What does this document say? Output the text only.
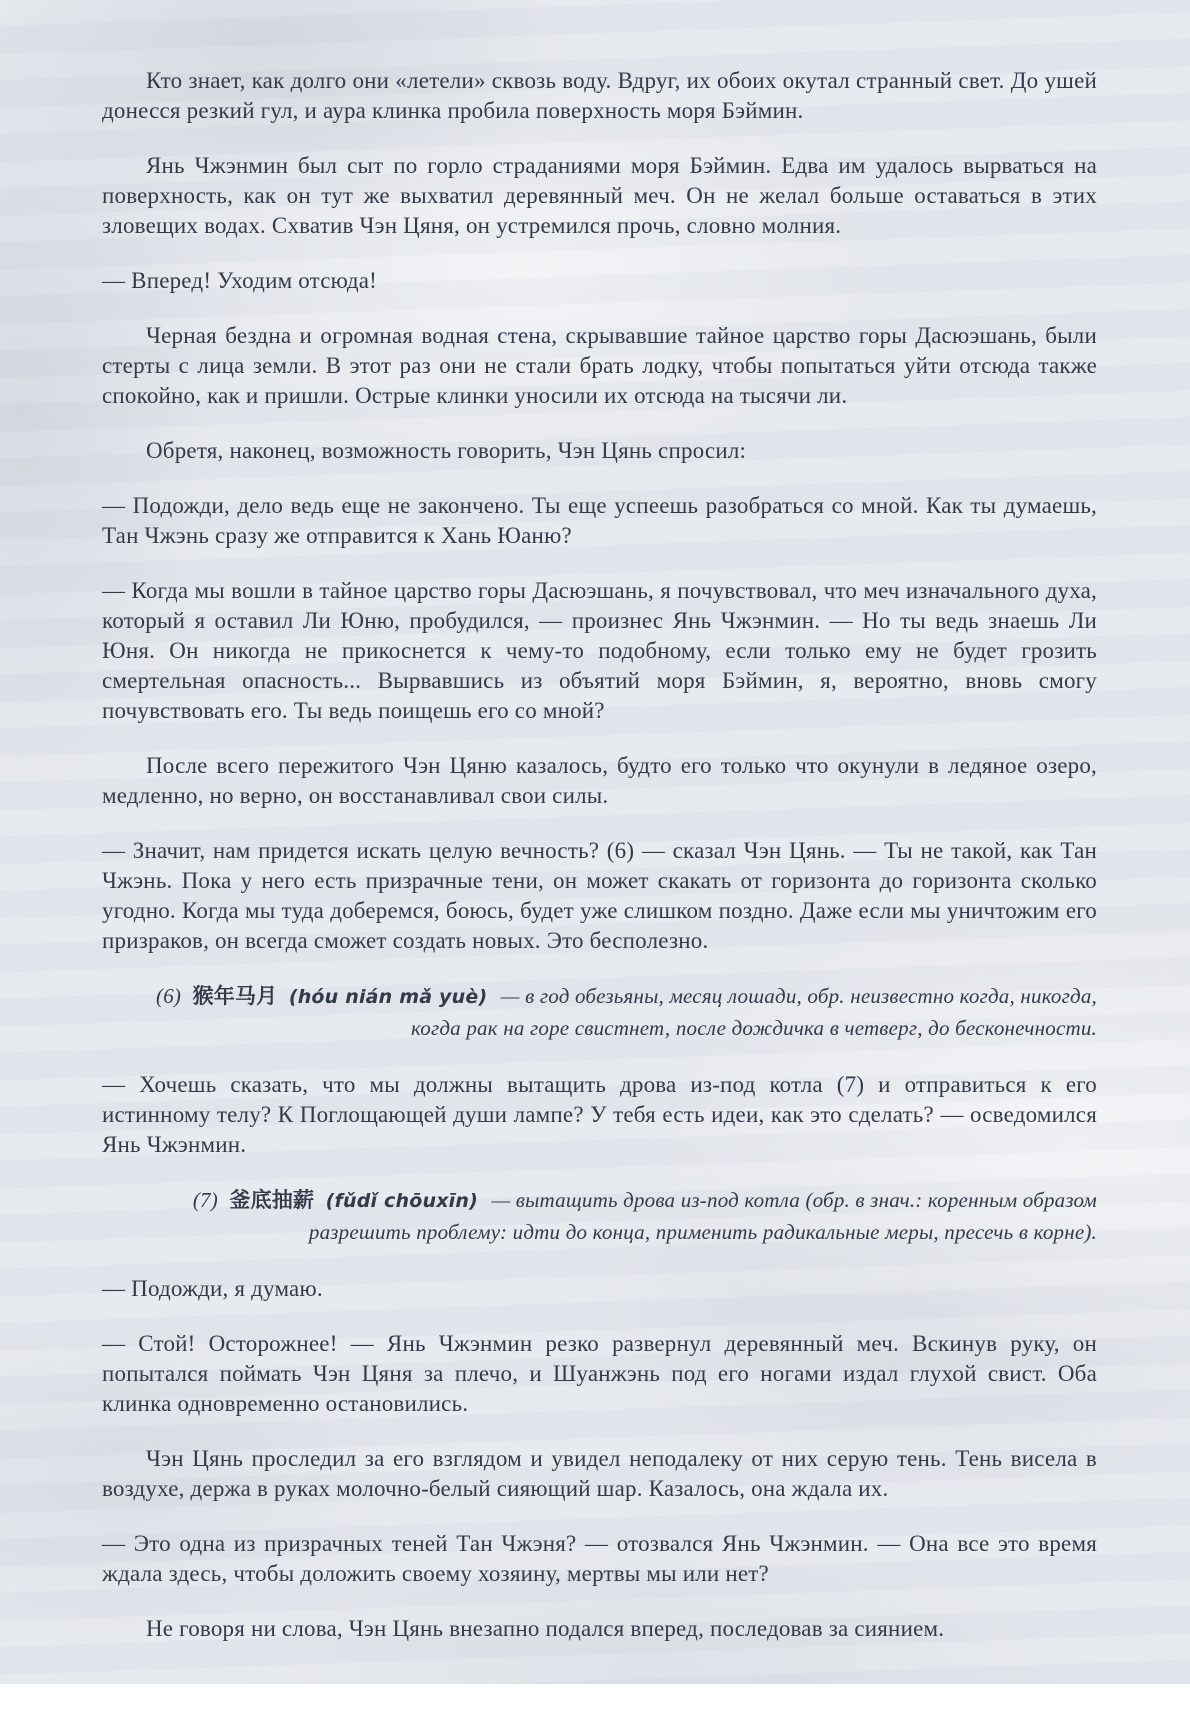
Кто знает, как долго они «летели» сквозь воду. Вдруг, их обоих окутал странный свет. До ушей донесся резкий гул, и аура клинка пробила поверхность моря Бэймин.

Янь Чжэнмин был сыт по горло страданиями моря Бэймин. Едва им удалось вырваться на поверхность, как он тут же выхватил деревянный меч. Он не желал больше оставаться в этих зловещих водах. Схватив Чэн Цяня, он устремился прочь, словно молния.

— Вперед! Уходим отсюда!

Черная бездна и огромная водная стена, скрывавшие тайное царство горы Дасюэшань, были стерты с лица земли. В этот раз они не стали брать лодку, чтобы попытаться уйти отсюда также спокойно, как и пришли. Острые клинки уносили их отсюда на тысячи ли.

Обретя, наконец, возможность говорить, Чэн Цянь спросил:

— Подожди, дело ведь еще не закончено. Ты еще успеешь разобраться со мной. Как ты думаешь, Тан Чжэнь сразу же отправится к Хань Юаню?

— Когда мы вошли в тайное царство горы Дасюэшань, я почувствовал, что меч изначального духа, который я оставил Ли Юню, пробудился, — произнес Янь Чжэнмин. — Но ты ведь знаешь Ли Юня. Он никогда не прикоснется к чему-то подобному, если только ему не будет грозить смертельная опасность... Вырвавшись из объятий моря Бэймин, я, вероятно, вновь смогу почувствовать его. Ты ведь поищешь его со мной?

После всего пережитого Чэн Цяню казалось, будто его только что окунули в ледяное озеро, медленно, но верно, он восстанавливал свои силы.

— Значит, нам придется искать целую вечность? (6) — сказал Чэн Цянь. — Ты не такой, как Тан Чжэнь. Пока у него есть призрачные тени, он может скакать от горизонта до горизонта сколько угодно. Когда мы туда доберемся, боюсь, будет уже слишком поздно. Даже если мы уничтожим его призраков, он всегда сможет создать новых. Это бесполезно.

(6) 猴年马月 (hóu nián mǎ yuè) — в год обезьяны, месяц лошади, обр. неизвестно когда, никогда, когда рак на горе свистнет, после дождичка в четверг, до бесконечности.

— Хочешь сказать, что мы должны вытащить дрова из-под котла (7) и отправиться к его истинному телу? К Поглощающей души лампе? У тебя есть идеи, как это сделать? — осведомился Янь Чжэнмин.

(7) 釜底抽薪 (fǔdǐ chōuxīn) — вытащить дрова из-под котла (обр. в знач.: коренным образом разрешить проблему: идти до конца, применить радикальные меры, пресечь в корне).

— Подожди, я думаю.

— Стой! Осторожнее! — Янь Чжэнмин резко развернул деревянный меч. Вскинув руку, он попытался поймать Чэн Цяня за плечо, и Шуанжэнь под его ногами издал глухой свист. Оба клинка одновременно остановились.

Чэн Цянь проследил за его взглядом и увидел неподалеку от них серую тень. Тень висела в воздухе, держа в руках молочно-белый сияющий шар. Казалось, она ждала их.

— Это одна из призрачных теней Тан Чжэня? — отозвался Янь Чжэнмин. — Она все это время ждала здесь, чтобы доложить своему хозяину, мертвы мы или нет?

Не говоря ни слова, Чэн Цянь внезапно подался вперед, последовав за сиянием.
